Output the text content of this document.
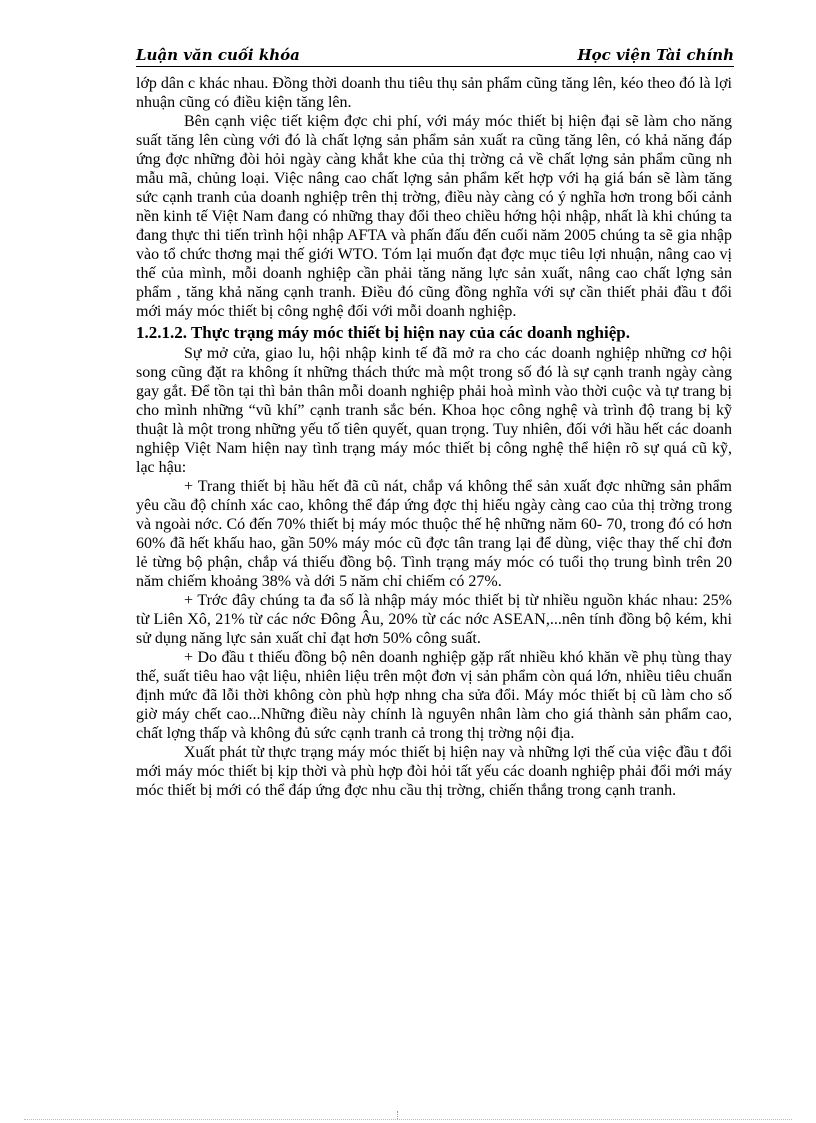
Luận văn cuối khóa	Học viện Tài chính

lớp dân c khác nhau. Đồng thời doanh thu tiêu thụ sản phẩm cũng tăng lên, kéo theo đó là lợi nhuận cũng có điều kiện tăng lên.

Bên cạnh việc tiết kiệm đợc chi phí, với máy móc thiết bị hiện đại sẽ làm cho năng suất tăng lên cùng với đó là chất lợng sản phẩm sản xuất ra cũng tăng lên, có khả năng đáp ứng đợc những đòi hỏi ngày càng khắt khe của thị trờng cả về chất lợng sản phẩm cũng nh mẫu mã, chủng loại. Việc nâng cao chất lợng sản phẩm kết hợp với hạ giá bán sẽ làm tăng sức cạnh tranh của doanh nghiệp trên thị trờng, điều này càng có ý nghĩa hơn trong bối cảnh nền kinh tế Việt Nam đang có những thay đổi theo chiều hớng hội nhập, nhất là khi chúng ta đang thực thi tiến trình hội nhập AFTA và phấn đấu đến cuối năm 2005 chúng ta sẽ gia nhập vào tổ chức thơng mại thế giới WTO. Tóm lại muốn đạt đợc mục tiêu lợi nhuận, nâng cao vị thế của mình, mỗi doanh nghiệp cần phải tăng năng lực sản xuất, nâng cao chất lợng sản phẩm , tăng khả năng cạnh tranh. Điều đó cũng đồng nghĩa với sự cần thiết phải đầu t đổi mới máy móc thiết bị công nghệ đối với mỗi doanh nghiệp.

1.2.1.2. Thực trạng máy móc thiết bị hiện nay của các doanh nghiệp.

Sự mở cửa, giao lu, hội nhập kinh tế đã mở ra cho các doanh nghiệp những cơ hội song cũng đặt ra không ít những thách thức mà một trong số đó là sự cạnh tranh ngày càng gay gắt. Để tồn tại thì bản thân mỗi doanh nghiệp phải hoà mình vào thời cuộc và tự trang bị cho mình những “vũ khí” cạnh tranh sắc bén. Khoa học công nghệ và trình độ trang bị kỹ thuật là một trong những yếu tố tiên quyết, quan trọng. Tuy nhiên, đối với hầu hết các doanh nghiệp Việt Nam hiện nay tình trạng máy móc thiết bị công nghệ thể hiện rõ sự quá cũ kỹ, lạc hậu:

+ Trang thiết bị hầu hết đã cũ nát, chắp vá không thể sản xuất đợc những sản phẩm yêu cầu độ chính xác cao, không thể đáp ứng đợc thị hiếu ngày càng cao của thị trờng trong và ngoài nớc. Có đến 70% thiết bị máy móc thuộc thế hệ những năm 60- 70, trong đó có hơn 60% đã hết khấu hao, gần 50% máy móc cũ đợc tân trang lại để dùng, việc thay thế chỉ đơn lẻ từng bộ phận, chắp vá thiếu đồng bộ. Tình trạng máy móc có tuổi thọ trung bình trên 20 năm chiếm khoảng 38% và dới 5 năm chỉ chiếm có 27%.

+ Trớc đây chúng ta đa số là nhập máy móc thiết bị từ nhiều nguồn khác nhau: 25% từ Liên Xô, 21% từ các nớc Đông Âu, 20% từ các nớc ASEAN,...nên tính đồng bộ kém, khi sử dụng năng lực sản xuất chỉ đạt hơn 50% công suất.

+ Do đầu t thiếu đồng bộ nên doanh nghiệp gặp rất nhiều khó khăn về phụ tùng thay thế, suất tiêu hao vật liệu, nhiên liệu trên một đơn vị sản phẩm còn quá lớn, nhiều tiêu chuẩn định mức đã lỗi thời không còn phù hợp nhng cha sửa đổi. Máy móc thiết bị cũ làm cho số giờ máy chết cao...Những điều này chính là nguyên nhân làm cho giá thành sản phẩm cao, chất lợng thấp và không đủ sức cạnh tranh cả trong thị trờng nội địa.

Xuất phát từ thực trạng máy móc thiết bị hiện nay và những lợi thế của việc đầu t đổi mới máy móc thiết bị kịp thời và phù hợp đòi hỏi tất yếu các doanh nghiệp phải đổi mới máy móc thiết bị mới có thể đáp ứng đợc nhu cầu thị trờng, chiến thắng trong cạnh tranh.
